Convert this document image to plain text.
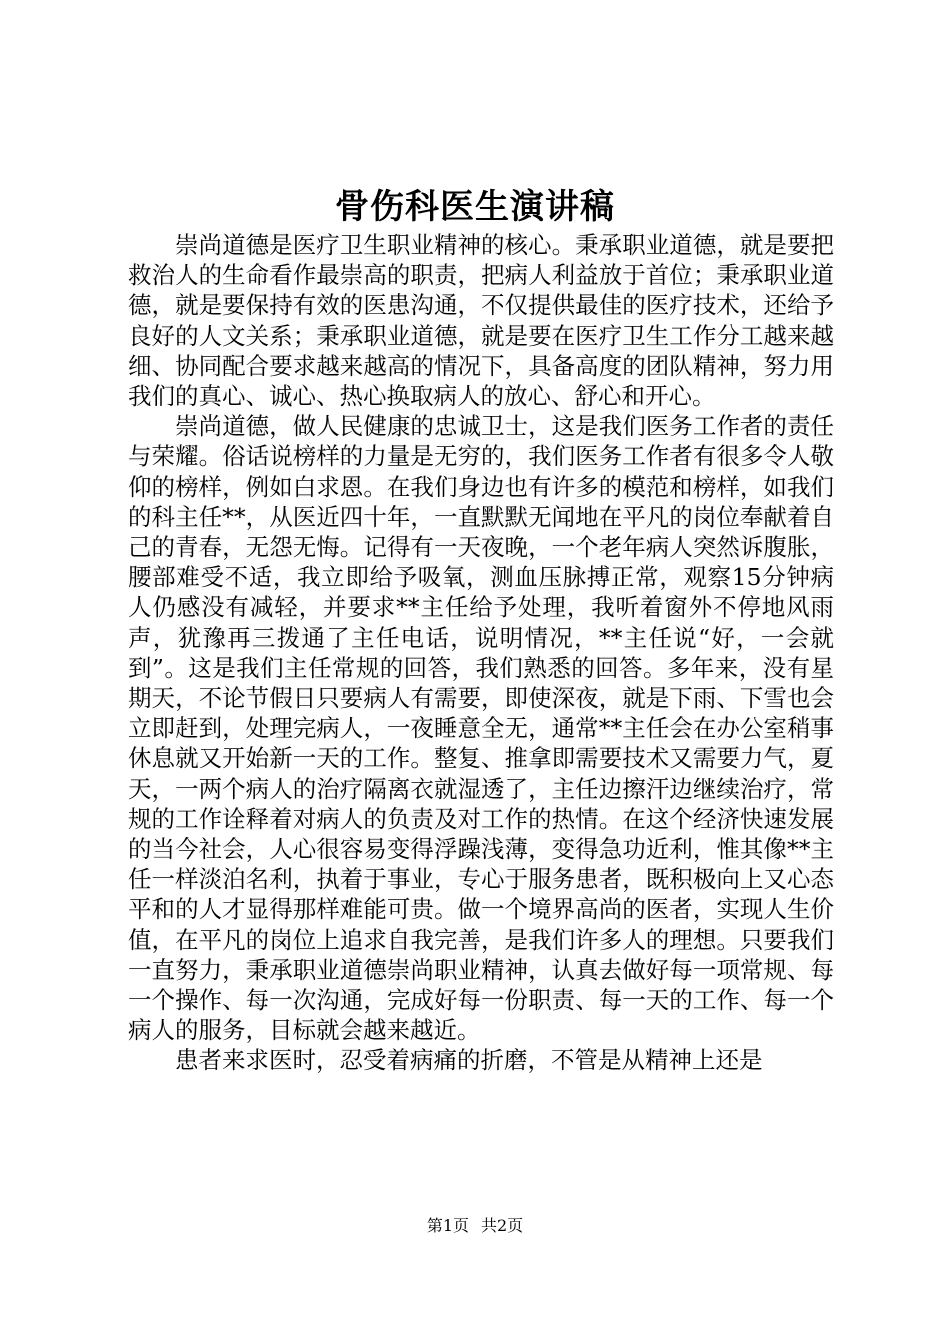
骨伤科医生演讲稿

崇尚道德是医疗卫生职业精神的核心。秉承职业道德，就是要把救治人的生命看作最崇高的职责，把病人利益放于首位；秉承职业道德，就是要保持有效的医患沟通，不仅提供最佳的医疗技术，还给予良好的人文关系；秉承职业道德，就是要在医疗卫生工作分工越来越细、协同配合要求越来越高的情况下，具备高度的团队精神，努力用我们的真心、诚心、热心换取病人的放心、舒心和开心。

崇尚道德，做人民健康的忠诚卫士，这是我们医务工作者的责任与荣耀。俗话说榜样的力量是无穷的，我们医务工作者有很多令人敬仰的榜样，例如白求恩。在我们身边也有许多的模范和榜样，如我们的科主任**，从医近四十年，一直默默无闻地在平凡的岗位奉献着自己的青春，无怨无悔。记得有一天夜晚，一个老年病人突然诉腹胀，腰部难受不适，我立即给予吸氧，测血压脉搏正常，观察15分钟病人仍感没有减轻，并要求**主任给予处理，我听着窗外不停地风雨声，犹豫再三拨通了主任电话，说明情况，**主任说“好，一会就到”。这是我们主任常规的回答，我们熟悉的回答。多年来，没有星期天，不论节假日只要病人有需要，即使深夜，就是下雨、下雪也会立即赶到，处理完病人，一夜睡意全无，通常**主任会在办公室稍事休息就又开始新一天的工作。整复、推拿即需要技术又需要力气，夏天，一两个病人的治疗隔离衣就湿透了，主任边擦汗边继续治疗，常规的工作诠释着对病人的负责及对工作的热情。在这个经济快速发展的当今社会，人心很容易变得浮躁浅薄，变得急功近利，惟其像**主任一样淡泊名利，执着于事业，专心于服务患者，既积极向上又心态平和的人才显得那样难能可贵。做一个境界高尚的医者，实现人生价值，在平凡的岗位上追求自我完善，是我们许多人的理想。只要我们一直努力，秉承职业道德崇尚职业精神，认真去做好每一项常规、每一个操作、每一次沟通，完成好每一份职责、每一天的工作、每一个病人的服务，目标就会越来越近。

患者来求医时，忍受着病痛的折磨，不管是从精神上还是

第1页 共2页
